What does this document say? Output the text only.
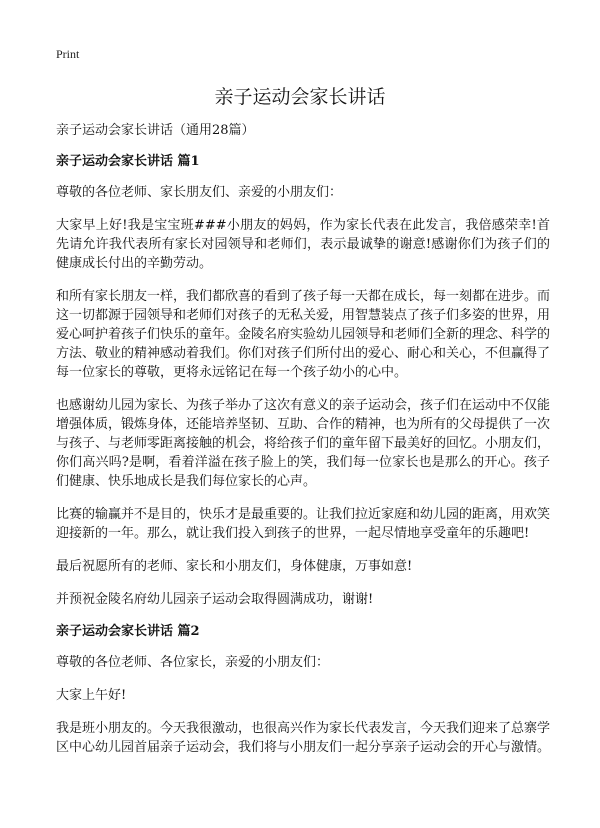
Print
亲子运动会家长讲话

亲子运动会家长讲话（通用28篇）

亲子运动会家长讲话 篇1

尊敬的各位老师、家长朋友们、亲爱的小朋友们：

大家早上好!我是宝宝班###小朋友的妈妈，作为家长代表在此发言，我倍感荣幸!首先请允许我代表所有家长对园领导和老师们，表示最诚挚的谢意!感谢你们为孩子们的健康成长付出的辛勤劳动。

和所有家长朋友一样，我们都欣喜的看到了孩子每一天都在成长，每一刻都在进步。而这一切都源于园领导和老师们对孩子的无私关爱，用智慧装点了孩子们多姿的世界，用爱心呵护着孩子们快乐的童年。金陵名府实验幼儿园领导和老师们全新的理念、科学的方法、敬业的精神感动着我们。你们对孩子们所付出的爱心、耐心和关心，不但赢得了每一位家长的尊敬，更将永远铭记在每一个孩子幼小的心中。

也感谢幼儿园为家长、为孩子举办了这次有意义的亲子运动会，孩子们在运动中不仅能增强体质，锻炼身体，还能培养坚韧、互助、合作的精神，也为所有的父母提供了一次与孩子、与老师零距离接触的机会，将给孩子们的童年留下最美好的回忆。小朋友们，你们高兴吗?是啊，看着洋溢在孩子脸上的笑，我们每一位家长也是那么的开心。孩子们健康、快乐地成长是我们每位家长的心声。

比赛的输赢并不是目的，快乐才是最重要的。让我们拉近家庭和幼儿园的距离，用欢笑迎接新的一年。那么，就让我们投入到孩子的世界，一起尽情地享受童年的乐趣吧!

最后祝愿所有的老师、家长和小朋友们，身体健康，万事如意!

并预祝金陵名府幼儿园亲子运动会取得圆满成功，谢谢!

亲子运动会家长讲话 篇2

尊敬的各位老师、各位家长，亲爱的小朋友们：

大家上午好!

我是班小朋友的。今天我很激动，也很高兴作为家长代表发言，今天我们迎来了总寨学区中心幼儿园首届亲子运动会，我们将与小朋友们一起分享亲子运动会的开心与激情。
